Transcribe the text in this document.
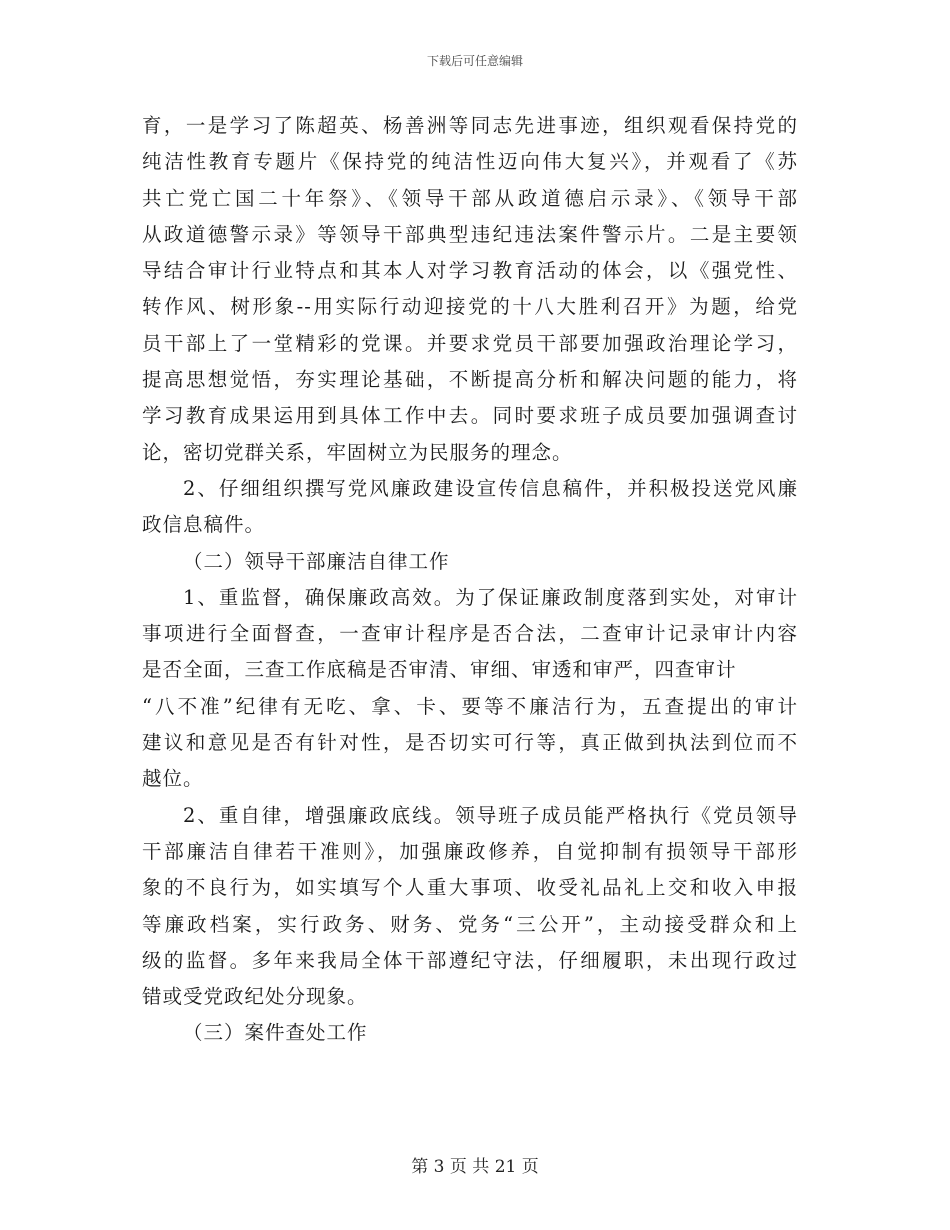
下载后可任意编辑
育，一是学习了陈超英、杨善洲等同志先进事迹，组织观看保持党的
纯洁性教育专题片《保持党的纯洁性迈向伟大复兴》，并观看了《苏
共亡党亡国二十年祭》、《领导干部从政道德启示录》、《领导干部
从政道德警示录》等领导干部典型违纪违法案件警示片。二是主要领
导结合审计行业特点和其本人对学习教育活动的体会，以《强党性、
转作风、树形象--用实际行动迎接党的十八大胜利召开》为题，给党
员干部上了一堂精彩的党课。并要求党员干部要加强政治理论学习，
提高思想觉悟，夯实理论基础，不断提高分析和解决问题的能力，将
学习教育成果运用到具体工作中去。同时要求班子成员要加强调查讨
论，密切党群关系，牢固树立为民服务的理念。
2、仔细组织撰写党风廉政建设宣传信息稿件，并积极投送党风廉
政信息稿件。
（二）领导干部廉洁自律工作
1、重监督，确保廉政高效。为了保证廉政制度落到实处，对审计
事项进行全面督查，一查审计程序是否合法，二查审计记录审计内容
是否全面，三查工作底稿是否审清、审细、审透和审严，四查审计
“八不准”纪律有无吃、拿、卡、要等不廉洁行为，五查提出的审计
建议和意见是否有针对性，是否切实可行等，真正做到执法到位而不
越位。
2、重自律，增强廉政底线。领导班子成员能严格执行《党员领导
干部廉洁自律若干准则》，加强廉政修养，自觉抑制有损领导干部形
象的不良行为，如实填写个人重大事项、收受礼品礼上交和收入申报
等廉政档案，实行政务、财务、党务“三公开”，主动接受群众和上
级的监督。多年来我局全体干部遵纪守法，仔细履职，未出现行政过
错或受党政纪处分现象。
（三）案件查处工作
第 3 页 共 21 页
